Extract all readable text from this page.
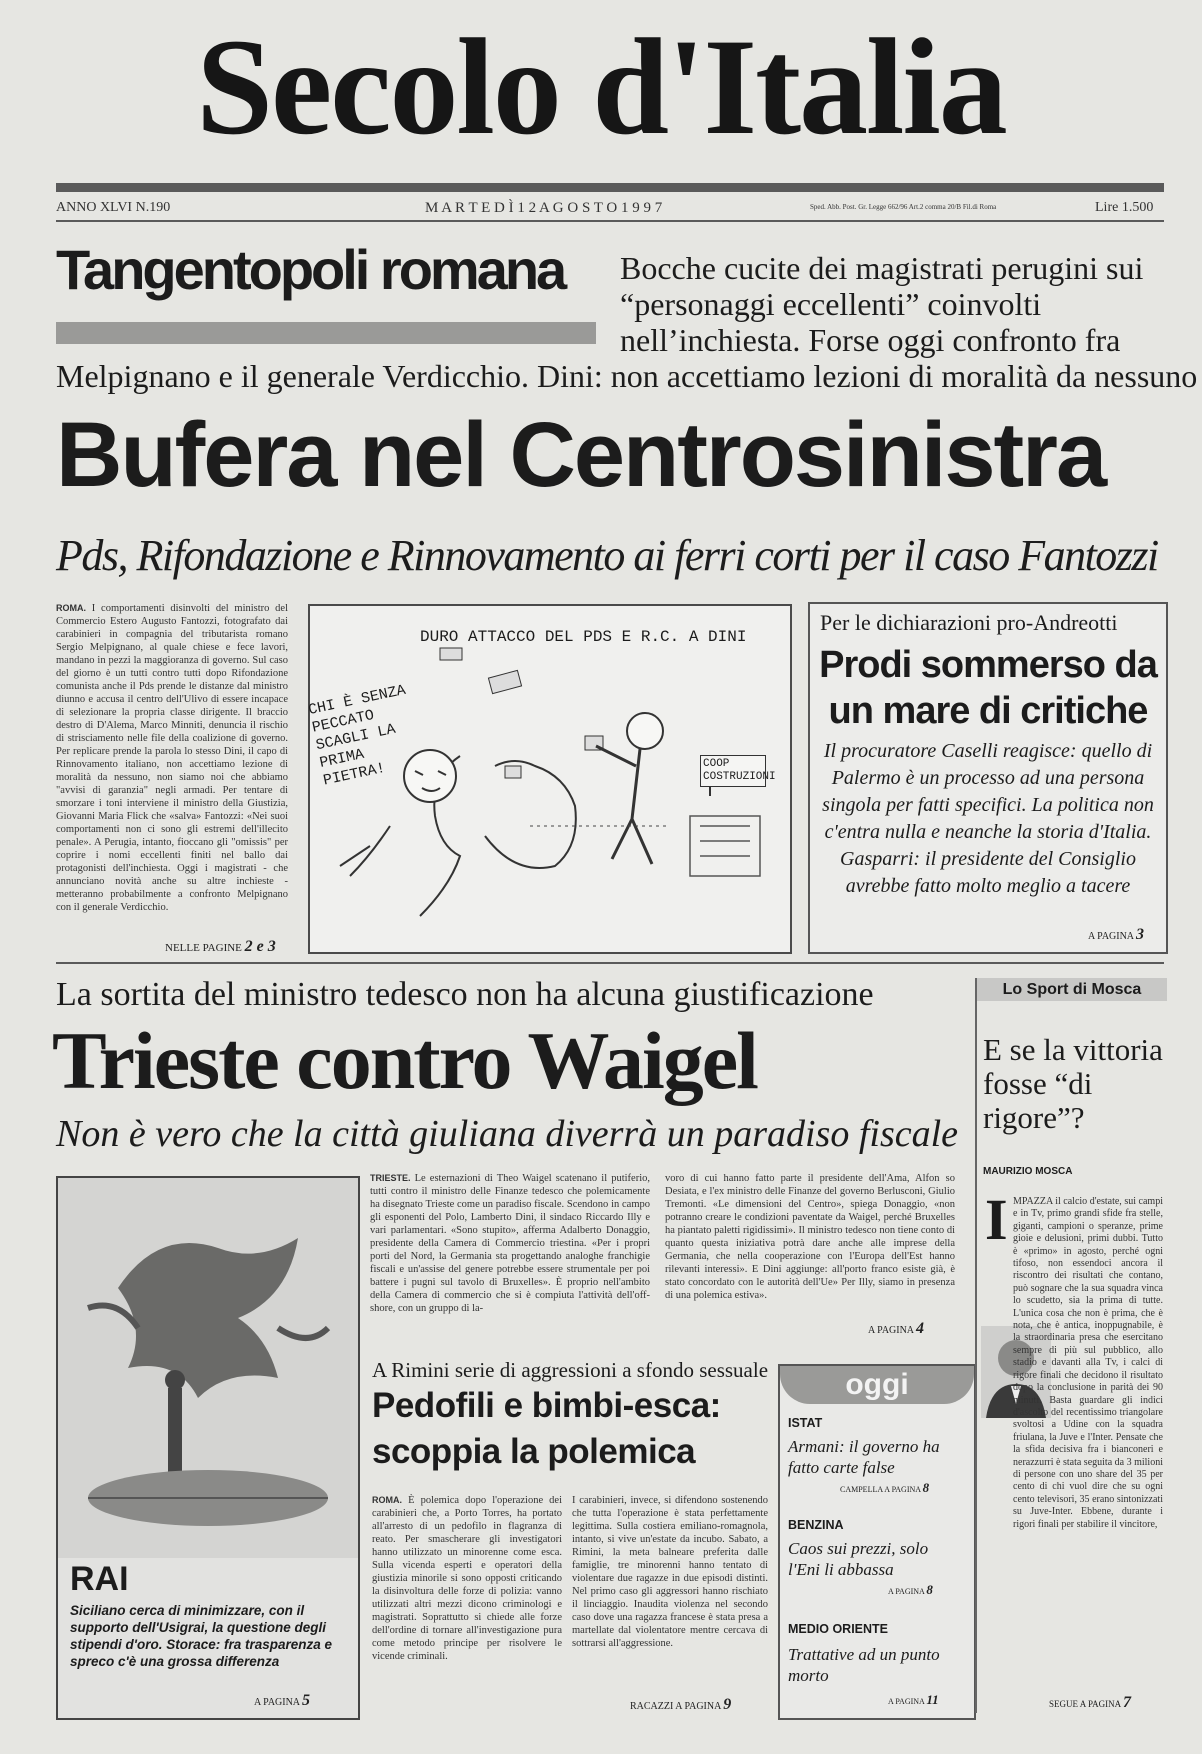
Secolo d'Italia
ANNO XLVI N.190	M A R T E D Ì 1 2 A G O S T O 1 9 9 7	Sped. Abb. Post. Gr. Legge 662/96 Art.2 comma 20/B Fil.di Roma	Lire 1.500
Tangentopoli romana Bocche cucite dei magistrati perugini sui “personaggi eccellenti” coinvolti nell’inchiesta. Forse oggi confronto fra
Melpignano e il generale Verdicchio. Dini: non accettiamo lezioni di moralità da nessuno
Bufera nel Centrosinistra
Pds, Rifondazione e Rinnovamento ai ferri corti per il caso Fantozzi
ROMA. I comportamenti disinvolti del ministro del Commercio Estero Augusto Fantozzi, fotografato dai carabinieri in compagnia del tributarista romano Sergio Melpignano, al quale chiese e fece lavori, mandano in pezzi la maggioranza di governo. Sul caso del giorno è un tutti contro tutti dopo Rifondazione comunista anche il Pds prende le distanze dal ministro diunno e accusa il centro dell'Ulivo di essere incapace di selezionare la propria classe dirigente. Il braccio destro di D'Alema, Marco Minniti, denuncia il rischio di strisciamento nelle file della coalizione di governo. Per replicare prende la parola lo stesso Dini, il capo di Rinnovamento italiano, non accettiamo lezione di moralità da nessuno, non siamo noi che abbiamo "avvisi di garanzia" negli armadi. Per tentare di smorzare i toni interviene il ministro della Giustizia, Giovanni Maria Flick che «salva» Fantozzi: «Nei suoi comportamenti non ci sono gli estremi dell'illecito penale». A Perugia, intanto, fioccano gli "omissis" per coprire i nomi eccellenti finiti nel ballo dai protagonisti dell'inchiesta. Oggi i magistrati - che annunciano novità anche su altre inchieste - metteranno probabilmente a confronto Melpignano con il generale Verdicchio.
NELLE PAGINE 2 e 3
DURO ATTACCO DEL PDS E R.C. A DINI
CHI È SENZA PECCATO SCAGLI LA PRIMA PIETRA!	COOP COSTRUZIONI
Per le dichiarazioni pro-Andreotti
Prodi sommerso da un mare di critiche
Il procuratore Caselli reagisce: quello di Palermo è un processo ad una persona singola per fatti specifici. La politica non c'entra nulla e neanche la storia d'Italia. Gasparri: il presidente del Consiglio avrebbe fatto molto meglio a tacere
A PAGINA 3
La sortita del ministro tedesco non ha alcuna giustificazione
Trieste contro Waigel
Non è vero che la città giuliana diverrà un paradiso fiscale
RAI
Siciliano cerca di minimizzare, con il supporto dell'Usigrai, la questione degli stipendi d'oro. Storace: fra trasparenza e spreco c'è una grossa differenza
A PAGINA 5
TRIESTE. Le esternazioni di Theo Waigel scatenano il putiferio, tutti contro il ministro delle Finanze tedesco che polemicamente ha disegnato Trieste come un paradiso fiscale. Scendono in campo gli esponenti del Polo, Lamberto Dini, il sindaco Riccardo Illy e vari parlamentari. «Sono stupito», afferma Adalberto Donaggio, presidente della Camera di Commercio triestina. «Per i propri porti del Nord, la Germania sta progettando analoghe franchigie fiscali e un'assise del genere potrebbe essere strumentale per poi battere i pugni sul tavolo di Bruxelles». È proprio nell'ambito della Camera di commercio che si è compiuta l'attività dell'off-shore, con un gruppo di la-
voro di cui hanno fatto parte il presidente dell'Ama, Alfon so Desiata, e l'ex ministro delle Finanze del governo Berlusconi, Giulio Tremonti. «Le dimensioni del Centro», spiega Donaggio, «non potranno creare le condizioni paventate da Waigel, perché Bruxelles ha piantato paletti rigidissimi». Il ministro tedesco non tiene conto di quanto questa iniziativa potrà dare anche alle imprese della Germania, che nella cooperazione con l'Europa dell'Est hanno rilevanti interessi». E Dini aggiunge: all'porto franco esiste già, è stato concordato con le autorità dell'Ue» Per Illy, siamo in presenza di una polemica estiva».
A PAGINA 4
A Rimini serie di aggressioni a sfondo sessuale
Pedofili e bimbi-esca: scoppia la polemica
ROMA. È polemica dopo l'operazione dei carabinieri che, a Porto Torres, ha portato all'arresto di un pedofilo in flagranza di reato. Per smascherare gli investigatori hanno utilizzato un minorenne come esca. Sulla vicenda esperti e operatori della giustizia minorile si sono opposti criticando la disinvoltura delle forze di polizia: vanno utilizzati altri mezzi dicono criminologi e magistrati. Soprattutto si chiede alle forze dell'ordine di tornare all'investigazione pura come metodo principe per risolvere le vicende criminali.
I carabinieri, invece, si difendono sostenendo che tutta l'operazione è stata perfettamente legittima. Sulla costiera emiliano-romagnola, intanto, si vive un'estate da incubo. Sabato, a Rimini, la meta balneare preferita dalle famiglie, tre minorenni hanno tentato di violentare due ragazze in due episodi distinti. Nel primo caso gli aggressori hanno rischiato il linciaggio. Inaudita violenza nel secondo caso dove una ragazza francese è stata presa a martellate dal violentatore mentre cercava di sottrarsi all'aggressione.
RACAZZI A PAGINA 9
oggi
ISTAT
Armani: il governo ha fatto carte false
CAMPELLA A PAGINA 8
BENZINA
Caos sui prezzi, solo l'Eni li abbassa
A PAGINA 8
MEDIO ORIENTE
Trattative ad un punto morto
A PAGINA 11
Lo Sport di Mosca
E se la vittoria fosse “di rigore”?
MAURIZIO MOSCA
I MPAZZA il calcio d'estate, sui campi e in Tv, primo grandi sfide fra stelle, giganti, campioni o speranze, prime gioie e delusioni, primi dubbi. Tutto è «primo» in agosto, perché ogni tifoso, non essendoci ancora il riscontro dei risultati che contano, può sognare che la sua squadra vinca lo scudetto, sia la prima di tutte. L'unica cosa che non è prima, che è nota, che è antica, inoppugnabile, è la straordinaria presa che esercitano sempre di più sul pubblico, allo stadio e davanti alla Tv, i calci di rigore finali che decidono il risultato dopo la conclusione in parità dei 90 minuti. Basta guardare gli indici d'ascolto del recentissimo triangolare svoltosi a Udine con la squadra friulana, la Juve e l'Inter. Pensate che la sfida decisiva fra i bianconeri e nerazzurri è stata seguita da 3 milioni di persone con uno share del 35 per cento di chi vuol dire che su ogni cento televisori, 35 erano sintonizzati su Juve-Inter. Ebbene, durante i rigori finali per stabilire il vincitore,
SEGUE A PAGINA 7
